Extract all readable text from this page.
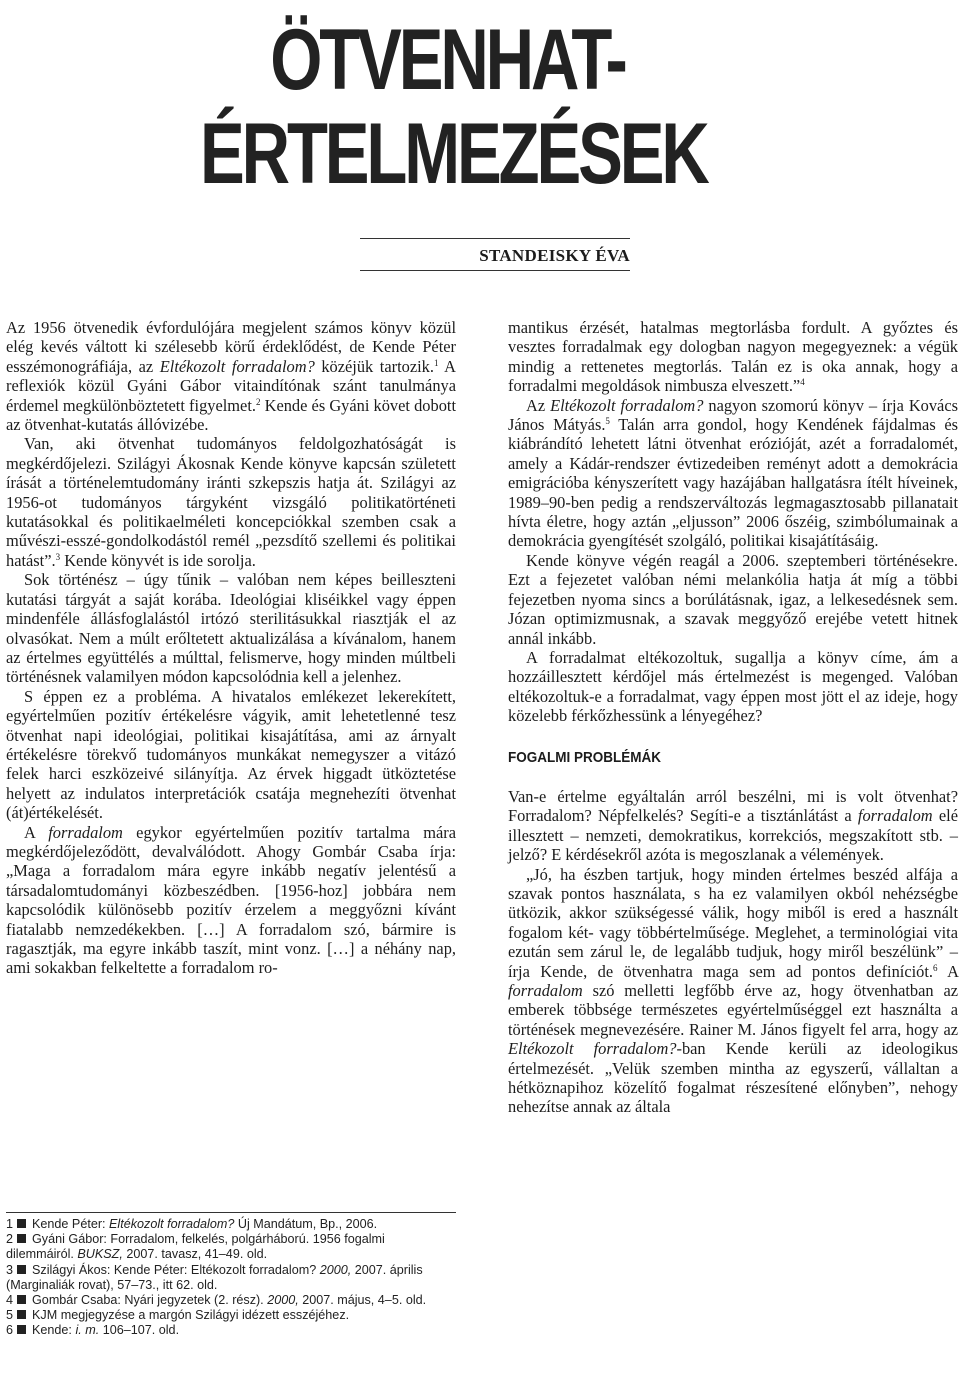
ÖTVENHAT-
ÉRTELMEZÉSEK
STANDEISKY ÉVA

Az 1956 ötvenedik évfordulójára megjelent számos könyv közül elég kevés váltott ki szélesebb körű érdeklődést, de Kende Péter esszémonográfiája, az Eltékozolt forradalom? közéjük tartozik.$^1$ A reflexiók közül Gyáni Gábor vitaindítónak szánt tanulmánya érdemel megkülönböztetett figyelmet.$^2$ Kende és Gyáni követ dobott az ötvenhat-kutatás állóvizébe.

Van, aki ötvenhat tudományos feldolgozhatóságát is megkérdőjelezi. Szilágyi Ákosnak Kende könyve kapcsán született írását a történelemtudomány iránti szkepszis hatja át. Szilágyi az 1956-ot tudományos tárgyként vizsgáló politikatörténeti kutatásokkal és politikaelméleti koncepciókkal szemben csak a művészi-esszé-gondolkodástól remél „pezsdítő szellemi és politikai hatást”.$^3$ Kende könyvét is ide sorolja.

Sok történész – úgy tűnik – valóban nem képes beilleszteni kutatási tárgyát a saját korába. Ideológiai kliséikkel vagy éppen mindenféle állásfoglalástól irtózó sterilitásukkal riasztják el az olvasókat. Nem a múlt erőltetett aktualizálása a kívánalom, hanem az értelmes együttélés a múlttal, felismerve, hogy minden múltbeli történésnek valamilyen módon kapcsolódnia kell a jelenhez.

S éppen ez a probléma. A hivatalos emlékezet lekerekített, egyértelműen pozitív értékelésre vágyik, amit lehetetlenné tesz ötvenhat napi ideológiai, politikai kisajátítása, ami az árnyalt értékelésre törekvő tudományos munkákat nemegyszer a vitázó felek harci eszközeivé silányítja. Az érvek higgadt ütköztetése helyett az indulatos interpretációk csatája megnehezíti ötvenhat (át)értékelését.

A forradalom egykor egyértelműen pozitív tartalma mára megkérdőjeleződött, devalválódott. Ahogy Gombár Csaba írja: „Maga a forradalom mára egyre inkább negatív jelentésű a társadalomtudományi közbeszédben. [1956-hoz] jobbára nem kapcsolódik különösebb pozitív érzelem a meggyőzni kívánt fiatalabb nemzedékekben. […] A forradalom szó, bármire is ragasztják, ma egyre inkább taszít, mint vonz. […] a néhány nap, ami sokakban felkeltette a forradalom ro-

1 Kende Péter: Eltékozolt forradalom? Új Mandátum, Bp., 2006.

2 Gyáni Gábor: Forradalom, felkelés, polgárháború. 1956 fogalmi dilemmáiról. BUKSZ, 2007. tavasz, 41–49. old.

3 Szilágyi Ákos: Kende Péter: Eltékozolt forradalom? 2000, 2007. április (Marginaliák rovat), 57–73., itt 62. old.

4 Gombár Csaba: Nyári jegyzetek (2. rész). 2000, 2007. május, 4–5. old.

5 KJM megjegyzése a margón Szilágyi idézett esszéjéhez.

6 Kende: i. m. 106–107. old.

mantikus érzését, hatalmas megtorlásba fordult. A győztes és vesztes forradalmak egy dologban nagyon megegyeznek: a végük mindig a rettenetes megtorlás. Talán ez is oka annak, hogy a forradalmi megoldások nimbusza elveszett.”$^4$

Az Eltékozolt forradalom? nagyon szomorú könyv – írja Kovács János Mátyás.$^5$ Talán arra gondol, hogy Kendének fájdalmas és kiábrándító lehetett látni ötvenhat erózióját, azét a forradalomét, amely a Kádár-rendszer évtizedeiben reményt adott a demokrácia emigrációba kényszerített vagy hazájában hallgatásra ítélt híveinek, 1989–90-ben pedig a rendszerváltozás legmagasztosabb pillanatait hívta életre, hogy aztán „eljusson” 2006 őszéig, szimbólumainak a demokrácia gyengítését szolgáló, politikai kisajátításáig.

Kende könyve végén reagál a 2006. szeptemberi történésekre. Ezt a fejezetet valóban némi melankólia hatja át míg a többi fejezetben nyoma sincs a borúlátásnak, igaz, a lelkesedésnek sem. Józan optimizmusnak, a szavak meggyőző erejébe vetett hitnek annál inkább.

A forradalmat eltékozoltuk, sugallja a könyv címe, ám a hozzáillesztett kérdőjel más értelmezést is megenged. Valóban eltékozoltuk-e a forradalmat, vagy éppen most jött el az ideje, hogy közelebb férkőzhessünk a lényegéhez?

FOGALMI PROBLÉMÁK

Van-e értelme egyáltalán arról beszélni, mi is volt ötvenhat? Forradalom? Népfelkelés? Segíti-e a tisztánlátást a forradalom elé illesztett – nemzeti, demokratikus, korrekciós, megszakított stb. – jelző? E kérdésekről azóta is megoszlanak a vélemények.

„Jó, ha észben tartjuk, hogy minden értelmes beszéd alfája a szavak pontos használata, s ha ez valamilyen okból nehézségbe ütközik, akkor szükségessé válik, hogy miből is ered a használt fogalom két- vagy többértelműsége. Meglehet, a terminológiai vita ezután sem zárul le, de legalább tudjuk, hogy miről beszélünk” – írja Kende, de ötvenhatra maga sem ad pontos definíciót.$^6$ A forradalom szó melletti legfőbb érve az, hogy ötvenhatban az emberek többsége természetes egyértelműséggel ezt használta a történések megnevezésére. Rainer M. János figyelt fel arra, hogy az Eltékozolt forradalom?-ban Kende kerüli az ideologikus értelmezését. „Velük szemben mintha az egyszerű, vállaltan a hétköznapihoz közelítő fogalmat részesítené előnyben”, nehogy nehezítse annak az általa
